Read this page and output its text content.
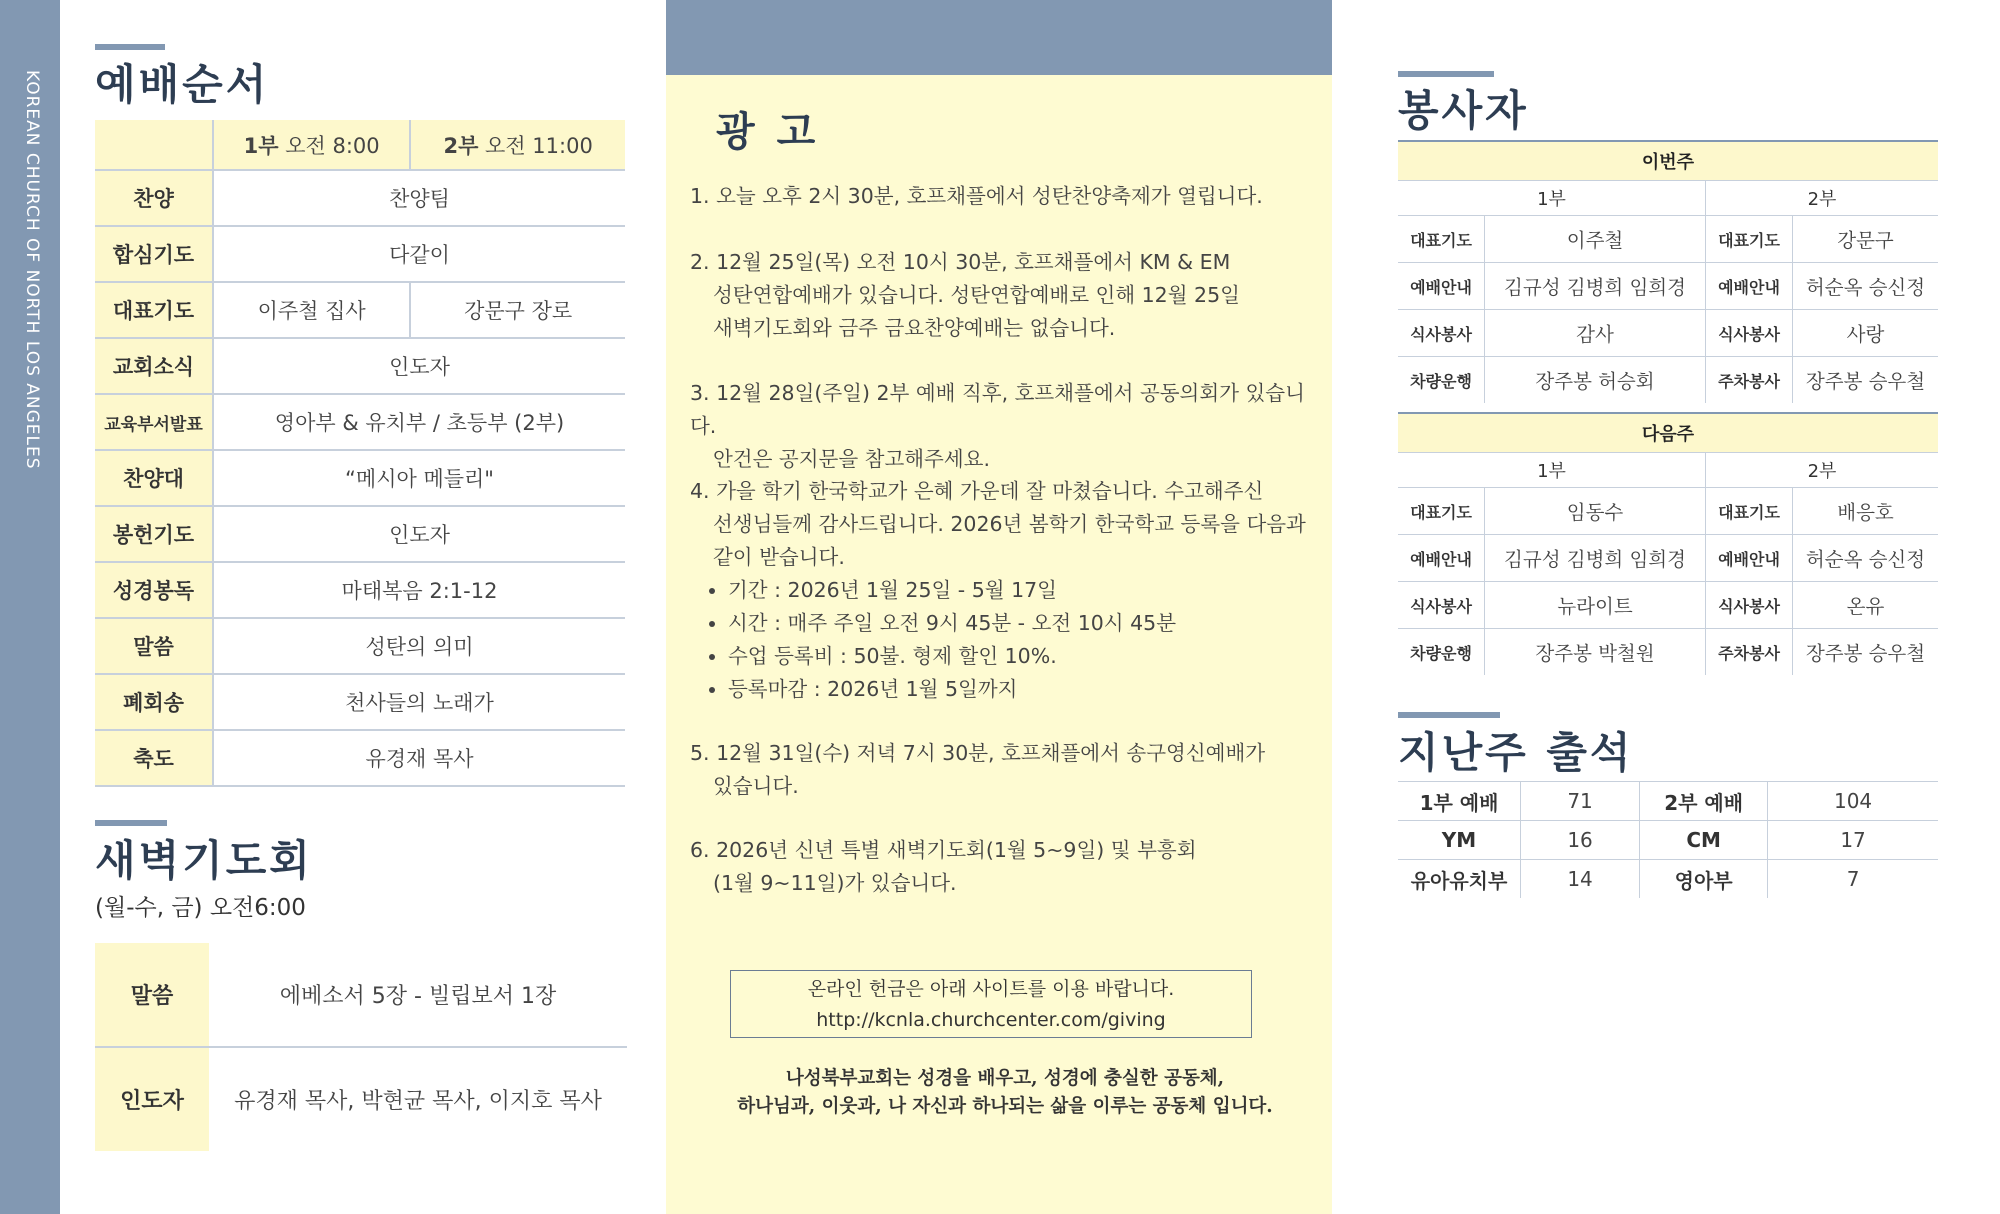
KOREAN CHURCH OF NORTH LOS ANGELES 예배순서
	1부 오전 8:00	2부 오전 11:00
찬양	찬양팀	
합심기도	다같이	
대표기도	이주철 집사	강문구 장로
교회소식	인도자	
교육부서발표	영아부 & 유치부 / 초등부 (2부)	
찬양대	“메시아 메들리"	
봉헌기도	인도자	
성경봉독	마태복음 2:1-12	
말씀	성탄의 의미	
폐회송	천사들의 노래가	
축도	유경재 목사	
새벽기도회
(월-수, 금) 오전6:00
말씀	에베소서 5장 - 빌립보서 1장
인도자	유경재 목사, 박현균 목사, 이지호 목사
광고
1. 오늘 오후 2시 30분, 호프채플에서 성탄찬양축제가 열립니다.
2. 12월 25일(목) 오전 10시 30분, 호프채플에서 KM & EM
성탄연합예배가 있습니다. 성탄연합예배로 인해 12월 25일
새벽기도회와 금주 금요찬양예배는 없습니다.
3. 12월 28일(주일) 2부 예배 직후, 호프채플에서 공동의회가 있습니다.
안건은 공지문을 참고해주세요.
4. 가을 학기 한국학교가 은혜 가운데 잘 마쳤습니다. 수고해주신
선생님들께 감사드립니다. 2026년 봄학기 한국학교 등록을 다음과
같이 받습니다.
• 기간 : 2026년 1월 25일 - 5월 17일
• 시간 : 매주 주일 오전 9시 45분 - 오전 10시 45분
• 수업 등록비 : 50불. 형제 할인 10%.
• 등록마감 : 2026년 1월 5일까지
5. 12월 31일(수) 저녁 7시 30분, 호프채플에서 송구영신예배가
있습니다.
6. 2026년 신년 특별 새벽기도회(1월 5~9일) 및 부흥회
(1월 9~11일)가 있습니다.
온라인 헌금은 아래 사이트를 이용 바랍니다.
http://kcnla.churchcenter.com/giving
나성북부교회는 성경을 배우고, 성경에 충실한 공동체,
하나님과, 이웃과, 나 자신과 하나되는 삶을 이루는 공동체 입니다.
봉사자
이번주			
1부		2부	
대표기도	이주철	대표기도	강문구
예배안내	김규성 김병희 임희경	예배안내	허순옥 승신정
식사봉사	감사	식사봉사	사랑
차량운행	장주봉 허승회	주차봉사	장주봉 승우철
다음주			
1부		2부	
대표기도	임동수	대표기도	배응호
예배안내	김규성 김병희 임희경	예배안내	허순옥 승신정
식사봉사	뉴라이트	식사봉사	온유
차량운행	장주봉 박철원	주차봉사	장주봉 승우철
지난주 출석
1부 예배	71	2부 예배	104
YM	16	CM	17
유아유치부	14	영아부	7
